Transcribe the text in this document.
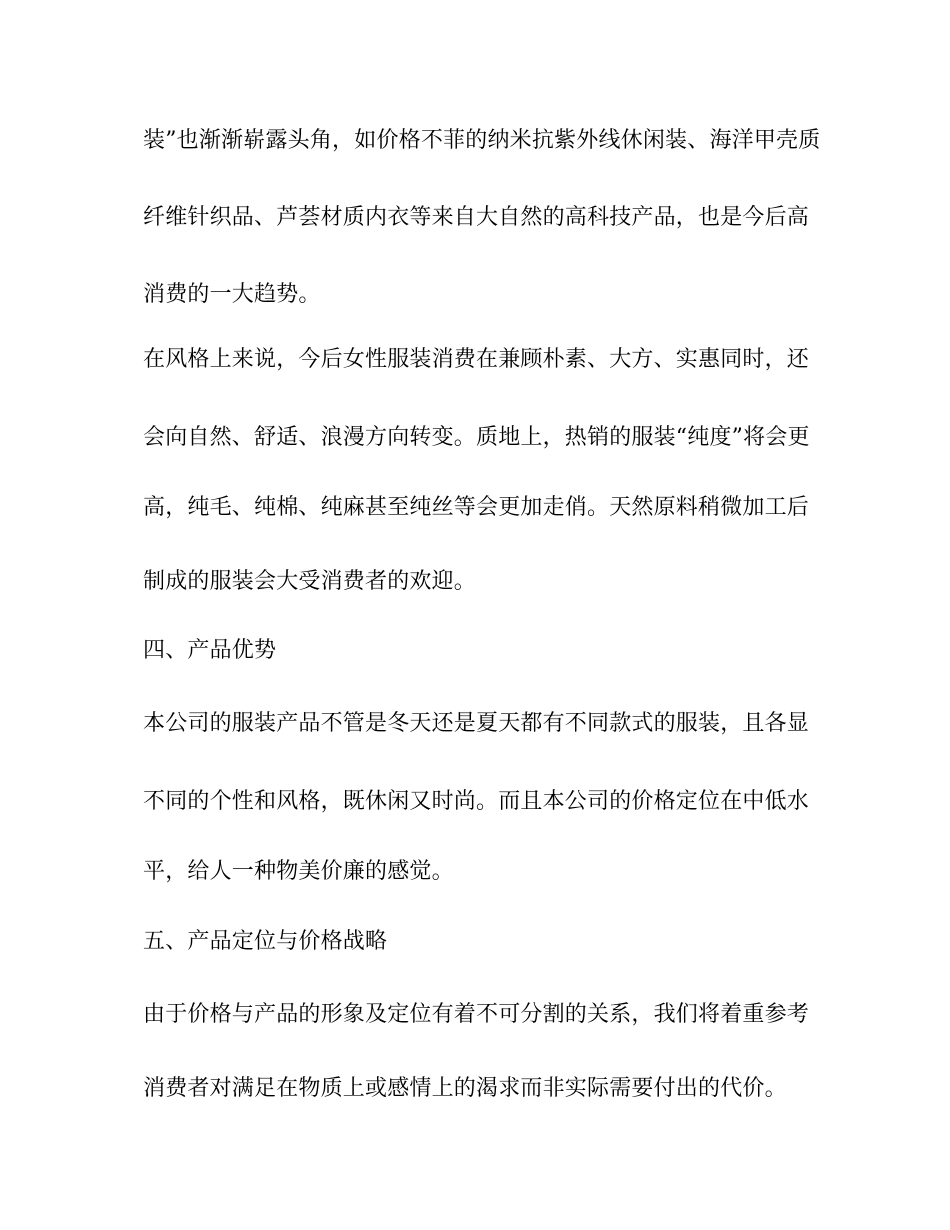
装”也渐渐崭露头角，如价格不菲的纳米抗紫外线休闲装、海洋甲壳质
纤维针织品、芦荟材质内衣等来自大自然的高科技产品，也是今后高
消费的一大趋势。
在风格上来说，今后女性服装消费在兼顾朴素、大方、实惠同时，还
会向自然、舒适、浪漫方向转变。质地上，热销的服装“纯度”将会更
高，纯毛、纯棉、纯麻甚至纯丝等会更加走俏。天然原料稍微加工后
制成的服装会大受消费者的欢迎。
四、产品优势
本公司的服装产品不管是冬天还是夏天都有不同款式的服装，且各显
不同的个性和风格，既休闲又时尚。而且本公司的价格定位在中低水
平，给人一种物美价廉的感觉。
五、产品定位与价格战略
由于价格与产品的形象及定位有着不可分割的关系，我们将着重参考
消费者对满足在物质上或感情上的渴求而非实际需要付出的代价。
